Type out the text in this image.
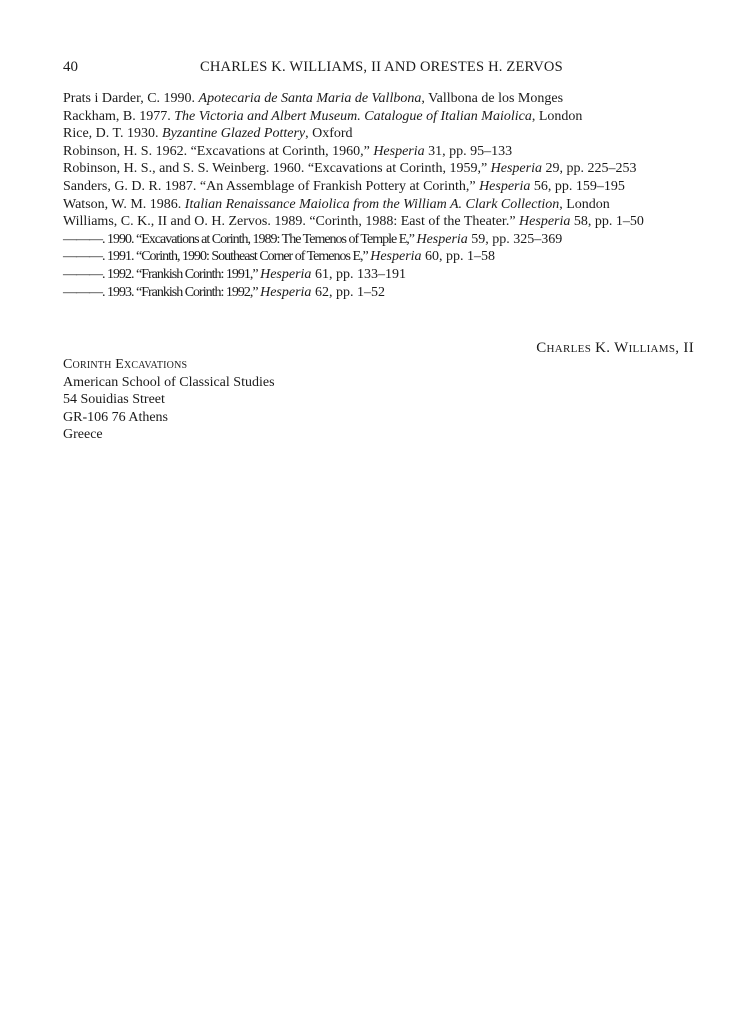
40	CHARLES K. WILLIAMS, II AND ORESTES H. ZERVOS

Prats i Darder, C. 1990. Apotecaria de Santa Maria de Vallbona, Vallbona de los Monges

Rackham, B. 1977. The Victoria and Albert Museum. Catalogue of Italian Maiolica, London

Rice, D. T. 1930. Byzantine Glazed Pottery, Oxford

Robinson, H. S. 1962. “Excavations at Corinth, 1960,” Hesperia 31, pp. 95–133

Robinson, H. S., and S. S. Weinberg. 1960. “Excavations at Corinth, 1959,” Hesperia 29, pp. 225–253

Sanders, G. D. R. 1987. “An Assemblage of Frankish Pottery at Corinth,” Hesperia 56, pp. 159–195

Watson, W. M. 1986. Italian Renaissance Maiolica from the William A. Clark Collection, London

Williams, C. K., II and O. H. Zervos. 1989. “Corinth, 1988: East of the Theater.” Hesperia 58, pp. 1–50

———. 1990. “Excavations at Corinth, 1989: The Temenos of Temple E,” Hesperia 59, pp. 325–369

———. 1991. “Corinth, 1990: Southeast Corner of Temenos E,” Hesperia 60, pp. 1–58

———. 1992. “Frankish Corinth: 1991,” Hesperia 61, pp. 133–191

———. 1993. “Frankish Corinth: 1992,” Hesperia 62, pp. 1–52

Charles K. Williams, II

Corinth Excavations

American School of Classical Studies

54 Souidias Street

GR-106 76 Athens

Greece
